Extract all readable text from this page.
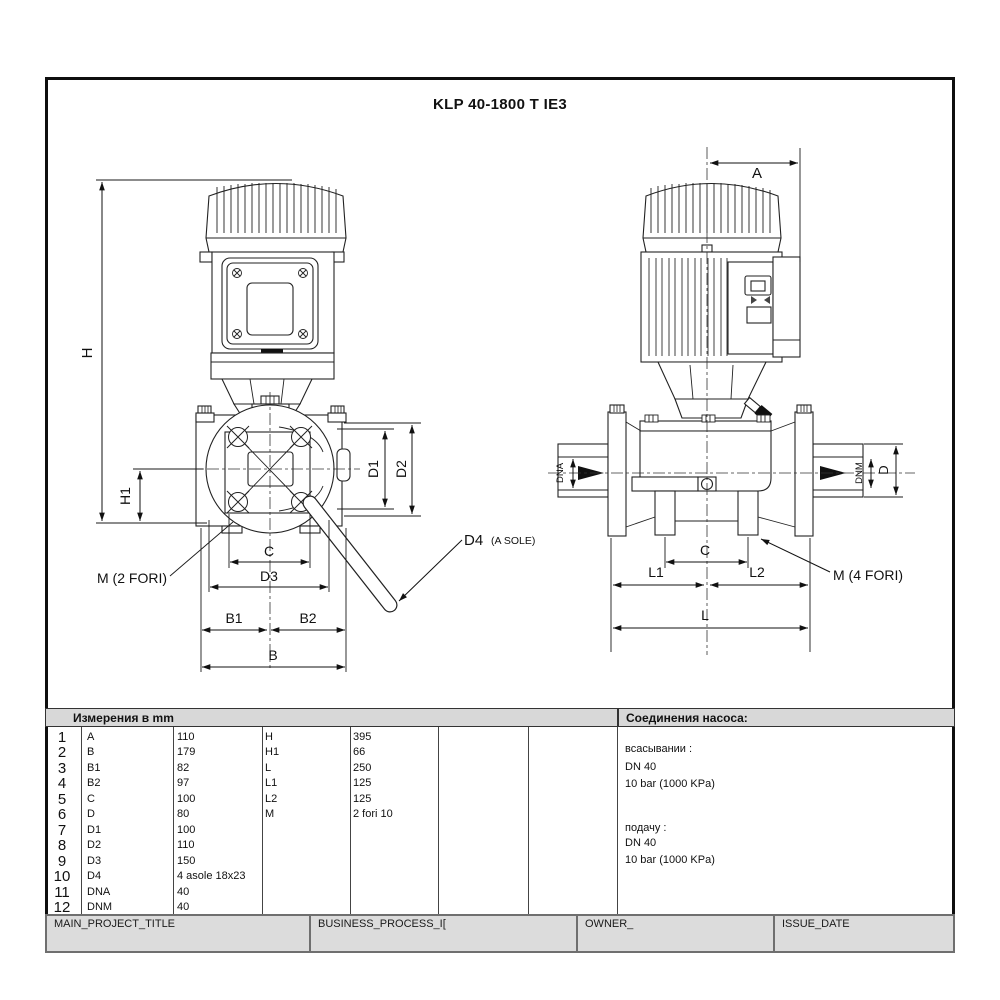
KLP 40-1800 T IE3
H
H1
D1 D2
C
D3
B1	B2
B
M (2 FORI)
D4 (A SOLE)
A
DNA	DNM D
C
L1	L2
L
M (4 FORI)
Измерения в mm
1	A	110	H	395
2	B	179	H1	66
3	B1	82	L	250
4	B2	97	L1	125
5	C	100	L2	125
6	D	80	M	2 fori 10
7	D1	100
8	D2	110
9	D3	150
10	D4	4 asole 18x23
11	DNA	40
12	DNM	40
Соединения насоса:
всасывании :
DN 40
10 bar (1000 KPa)
подачу :
DN 40
10 bar (1000 KPa)
MAIN_PROJECT_TITLE	BUSINESS_PROCESS_I[	OWNER_	ISSUE_DATE
